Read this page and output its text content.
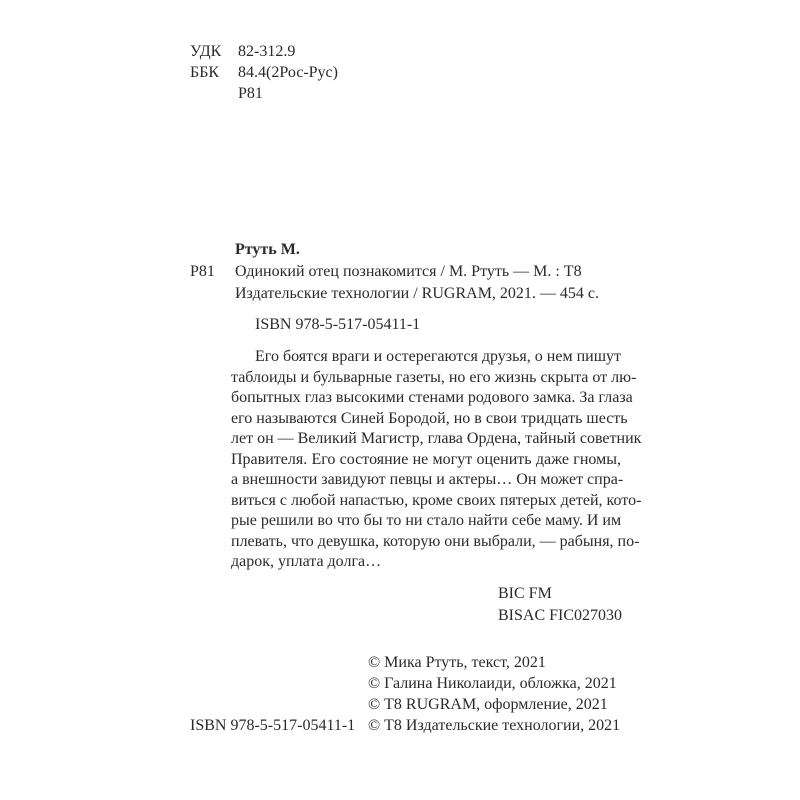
УДК 82-312.9
ББК 84.4(2Рос-Рус)
Р81
Ртуть М.
Р81 Одинокий отец познакомится / М. Ртуть — М. : Т8
Издательские технологии / RUGRAM, 2021. — 454 с.
ISBN 978-5-517-05411-1
Его боятся враги и остерегаются друзья, о нем пишут
таблоиды и бульварные газеты, но его жизнь скрыта от лю-
бопытных глаз высокими стенами родового замка. За глаза
его называются Синей Бородой, но в свои тридцать шесть
лет он — Великий Магистр, глава Ордена, тайный советник
Правителя. Его состояние не могут оценить даже гномы,
а внешности завидуют певцы и актеры… Он может спра-
виться с любой напастью, кроме своих пятерых детей, кото-
рые решили во что бы то ни стало найти себе маму. И им
плевать, что девушка, которую они выбрали, — рабыня, по-
дарок, уплата долга…
BIC FM
BISAC FIC027030
ISBN 978-5-517-05411-1
© Мика Ртуть, текст, 2021
© Галина Николаиди, обложка, 2021
© Т8 RUGRAM, оформление, 2021
© Т8 Издательские технологии, 2021
